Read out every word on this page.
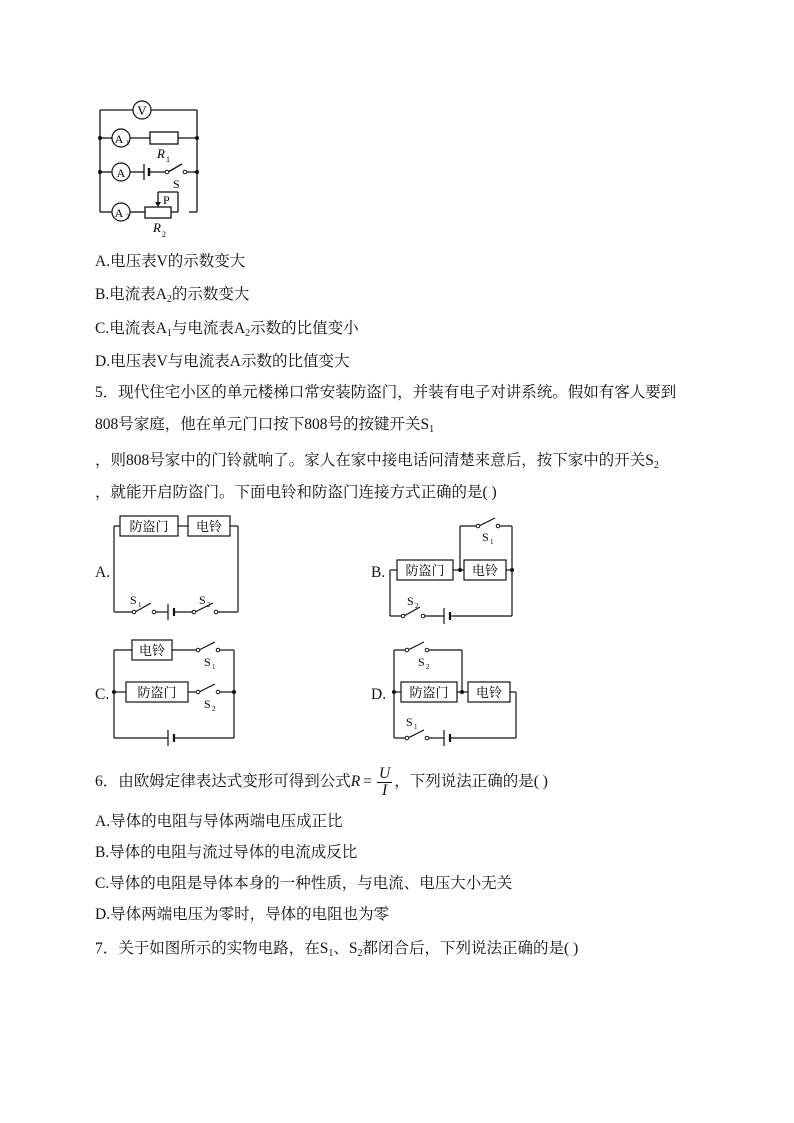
V
A 1
A
A 2
R 1
S
P
R 2
A.电压表V的示数变大
B.电流表$A_2$的示数变大
C.电流表$A_1$与电流表$A_2$示数的比值变小
D.电压表V与电流表A示数的比值变大
5．现代住宅小区的单元楼梯口常安装防盗门，并装有电子对讲系统。假如有客人要到
808号家庭，他在单元门口按下808号的按键开关$S_1$
，则808号家中的门铃就响了。家人在家中接电话问清楚来意后，按下家中的开关$S_2$
，就能开启防盗门。下面电铃和防盗门连接方式正确的是( )
A.
防盗门 电铃
S 1	S 2
B. 防盗门 电铃
S 1
S 2
C.
电铃
防盗门
S 1
S 2
D. 防盗门 电铃
S 2
S 1
6．由欧姆定律表达式变形可得到公式$R = \frac{U}{I}$ ，下列说法正确的是( )
A.导体的电阻与导体两端电压成正比
B.导体的电阻与流过导体的电流成反比
C.导体的电阻是导体本身的一种性质，与电流、电压大小无关
D.导体两端电压为零时，导体的电阻也为零
7．关于如图所示的实物电路，在$S_1$、$S_2$都闭合后，下列说法正确的是( )
